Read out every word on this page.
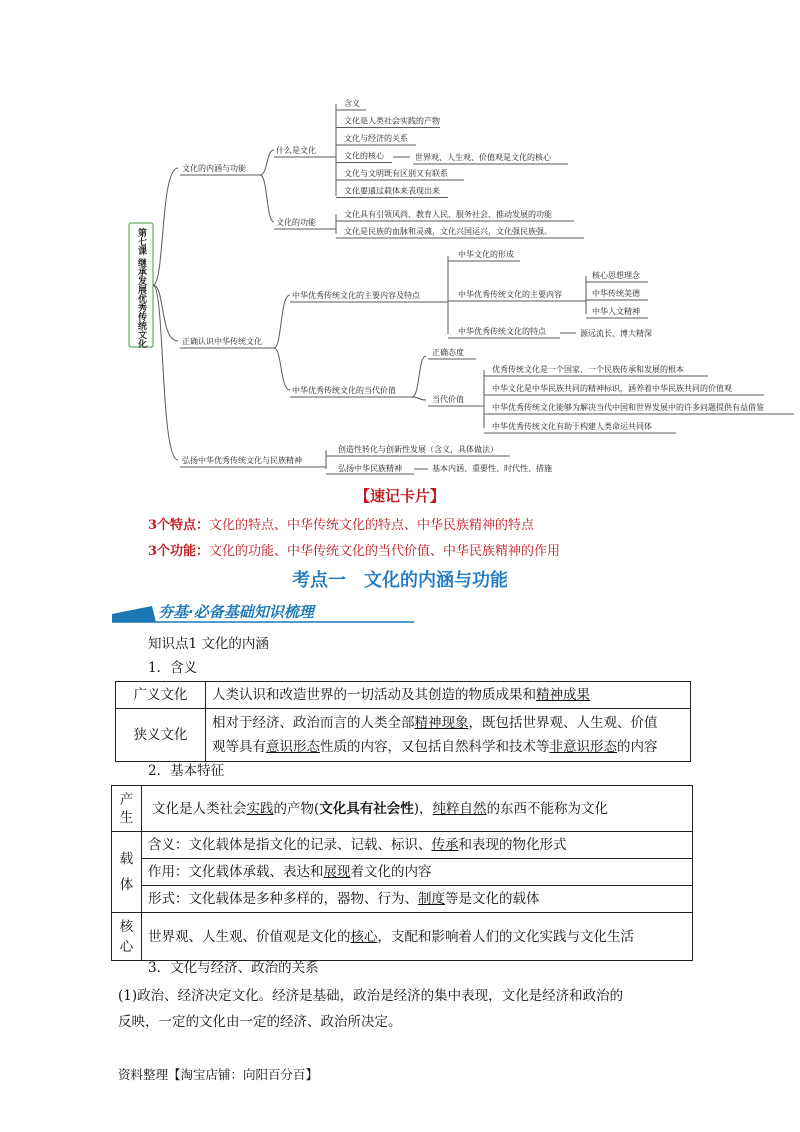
第七课 继承发展优秀传统文化
文化的内涵与功能
什么是文化
文化的功能
含义
文化是人类社会实践的产物
文化与经济的关系
文化的核心
文化与文明既有区别又有联系
文化要通过载体来表现出来
世界观、人生观、价值观是文化的核心
文化具有引领风尚、教育人民、服务社会、推动发展的功能
文化是民族的血脉和灵魂，文化兴国运兴，文化强民族强。
正确认识中华传统文化
中华优秀传统文化的主要内容及特点
中华文化的形成
中华优秀传统文化的主要内容
核心思想理念
中华传统美德
中华人文精神
中华优秀传统文化的特点	源远流长、博大精深
中华优秀传统文化的当代价值
正确态度
当代价值
优秀传统文化是一个国家、一个民族传承和发展的根本
中华文化是中华民族共同的精神标识，涵养着中华民族共同的价值观
中华优秀传统文化能够为解决当代中国和世界发展中的许多问题提供有益借鉴
中华优秀传统文化有助于构建人类命运共同体
弘扬中华优秀传统文化与民族精神
创造性转化与创新性发展（含义，具体做法）
弘扬中华民族精神	基本内涵、重要性、时代性、措施
【速记卡片】
3个特点：文化的特点、中华传统文化的特点、中华民族精神的特点
3个功能：文化的功能、中华传统文化的当代价值、中华民族精神的作用
考点一　文化的内涵与功能
夯基·必备基础知识梳理
知识点1 文化的内涵
1．含义
广义文化	人类认识和改造世界的一切活动及其创造的物质成果和精神成果
狭义文化	相对于经济、政治而言的人类全部精神现象，既包括世界观、人生观、价值
观等具有意识形态性质的内容，又包括自然科学和技术等非意识形态的内容
2．基本特征
产
生	文化是人类社会实践的产物(文化具有社会性)，纯粹自然的东西不能称为文化
载
体	含义：文化载体是指文化的记录、记载、标识、传承和表现的物化形式
	作用：文化载体承载、表达和展现着文化的内容
	形式：文化载体是多种多样的，器物、行为、制度等是文化的载体
核
心	世界观、人生观、价值观是文化的核心，支配和影响着人们的文化实践与文化生活
3．文化与经济、政治的关系
(1)政治、经济决定文化。经济是基础，政治是经济的集中表现，文化是经济和政治的
反映，一定的文化由一定的经济、政治所决定。
资料整理【淘宝店铺：向阳百分百】
